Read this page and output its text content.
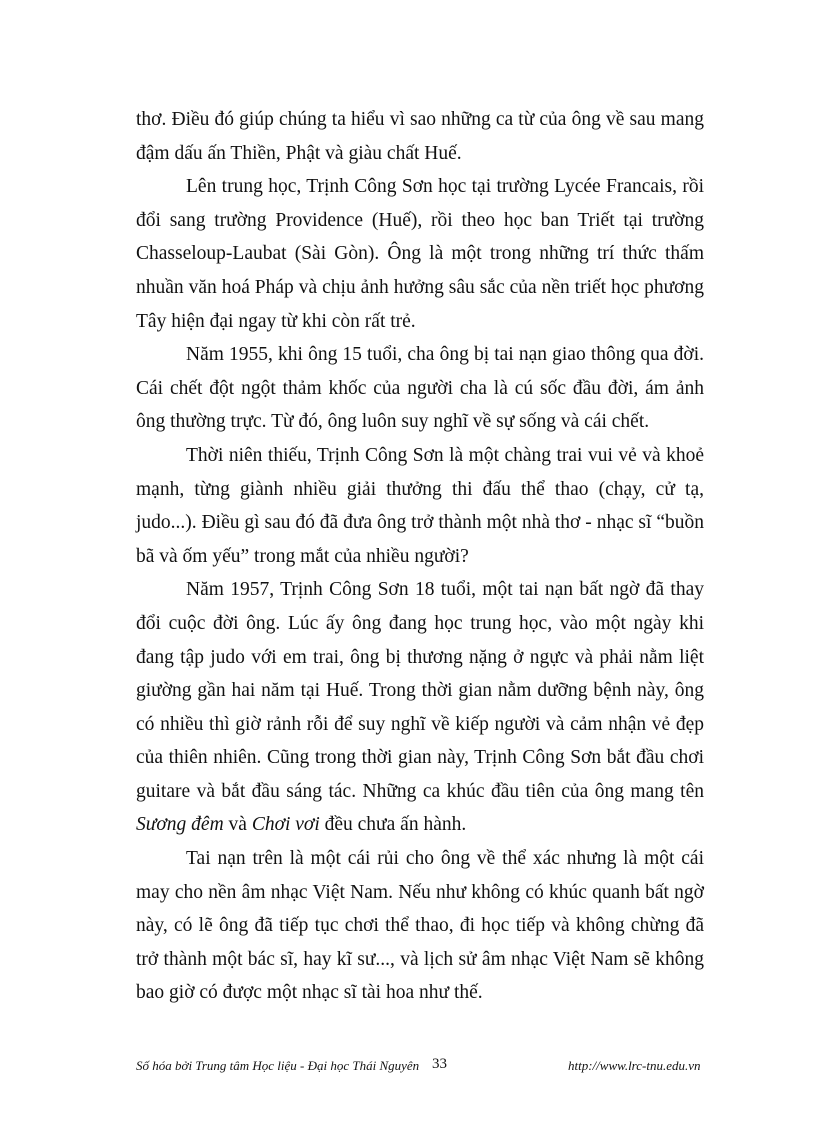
thơ. Điều đó giúp chúng ta hiểu vì sao những ca từ của ông về sau mang đậm dấu ấn Thiền, Phật và giàu chất Huế.

Lên trung học, Trịnh Công Sơn học tại trường Lycée Francais, rồi đổi sang trường Providence (Huế), rồi theo học ban Triết tại trường Chasseloup-Laubat (Sài Gòn). Ông là một trong những trí thức thấm nhuần văn hoá Pháp và chịu ảnh hưởng sâu sắc của nền triết học phương Tây hiện đại ngay từ khi còn rất trẻ.

Năm 1955, khi ông 15 tuổi, cha ông bị tai nạn giao thông qua đời. Cái chết đột ngột thảm khốc của người cha là cú sốc đầu đời, ám ảnh ông thường trực. Từ đó, ông luôn suy nghĩ về sự sống và cái chết.

Thời niên thiếu, Trịnh Công Sơn là một chàng trai vui vẻ và khoẻ mạnh, từng giành nhiều giải thưởng thi đấu thể thao (chạy, cử tạ, judo...). Điều gì sau đó đã đưa ông trở thành một nhà thơ - nhạc sĩ “buồn bã và ốm yếu” trong mắt của nhiều người?

Năm 1957, Trịnh Công Sơn 18 tuổi, một tai nạn bất ngờ đã thay đổi cuộc đời ông. Lúc ấy ông đang học trung học, vào một ngày khi đang tập judo với em trai, ông bị thương nặng ở ngực và phải nằm liệt giường gần hai năm tại Huế. Trong thời gian nằm dưỡng bệnh này, ông có nhiều thì giờ rảnh rỗi để suy nghĩ về kiếp người và cảm nhận vẻ đẹp của thiên nhiên. Cũng trong thời gian này, Trịnh Công Sơn bắt đầu chơi guitare và bắt đầu sáng tác. Những ca khúc đầu tiên của ông mang tên Sương đêm và Chơi vơi đều chưa ấn hành.

Tai nạn trên là một cái rủi cho ông về thể xác nhưng là một cái may cho nền âm nhạc Việt Nam. Nếu như không có khúc quanh bất ngờ này, có lẽ ông đã tiếp tục chơi thể thao, đi học tiếp và không chừng đã trở thành một bác sĩ, hay kĩ sư..., và lịch sử âm nhạc Việt Nam sẽ không bao giờ có được một nhạc sĩ tài hoa như thế.

Số hóa bởi Trung tâm Học liệu - Đại học Thái Nguyên 33	http://www.lrc-tnu.edu.vn
